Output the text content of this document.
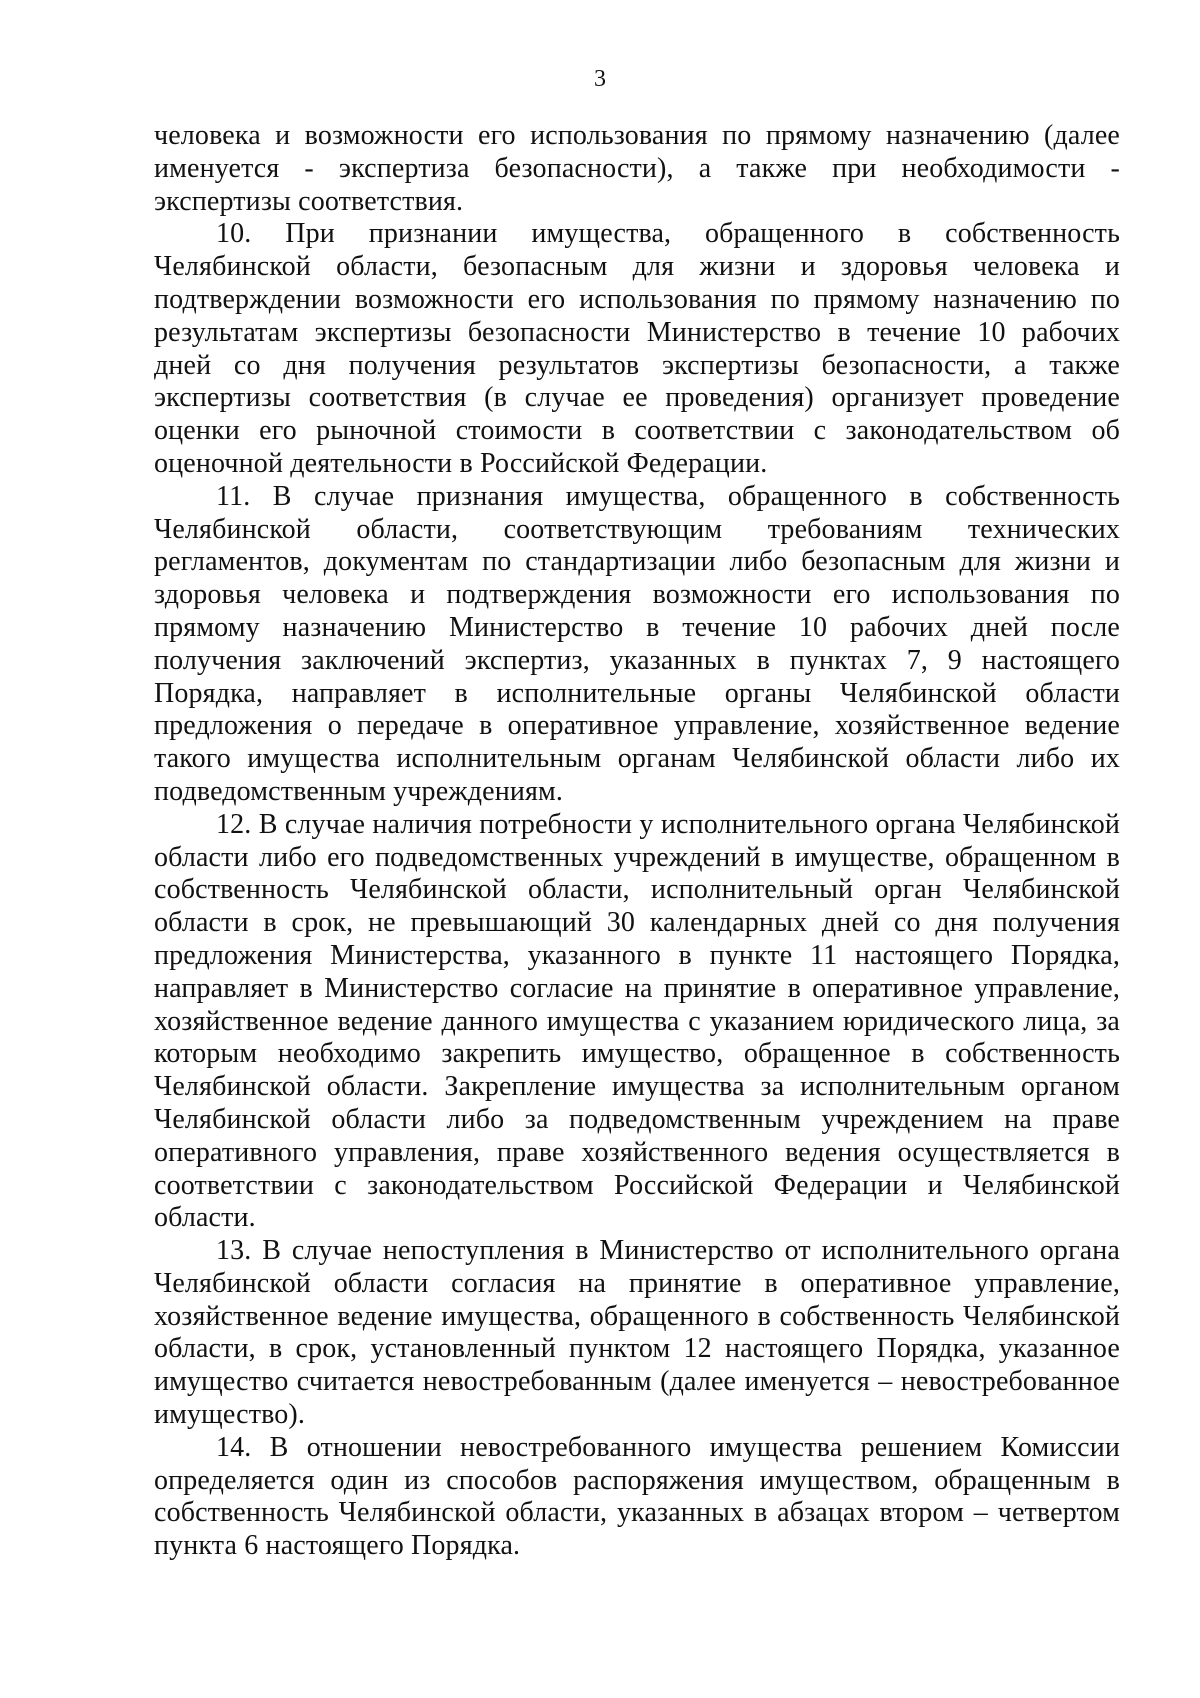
3

человека и возможности его использования по прямому назначению (далее именуется - экспертиза безопасности), а также при необходимости - экспертизы соответствия.

10. При признании имущества, обращенного в собственность Челябинской области, безопасным для жизни и здоровья человека и подтверждении возможности его использования по прямому назначению по результатам экспертизы безопасности Министерство в течение 10 рабочих дней со дня получения результатов экспертизы безопасности, а также экспертизы соответствия (в случае ее проведения) организует проведение оценки его рыночной стоимости в соответствии с законодательством об оценочной деятельности в Российской Федерации.

11. В случае признания имущества, обращенного в собственность Челябинской области, соответствующим требованиям технических регламентов, документам по стандартизации либо безопасным для жизни и здоровья человека и подтверждения возможности его использования по прямому назначению Министерство в течение 10 рабочих дней после получения заключений экспертиз, указанных в пунктах 7, 9 настоящего Порядка, направляет в исполнительные органы Челябинской области предложения о передаче в оперативное управление, хозяйственное ведение такого имущества исполнительным органам Челябинской области либо их подведомственным учреждениям.

12. В случае наличия потребности у исполнительного органа Челябинской области либо его подведомственных учреждений в имуществе, обращенном в собственность Челябинской области, исполнительный орган Челябинской области в срок, не превышающий 30 календарных дней со дня получения предложения Министерства, указанного в пункте 11 настоящего Порядка, направляет в Министерство согласие на принятие в оперативное управление, хозяйственное ведение данного имущества с указанием юридического лица, за которым необходимо закрепить имущество, обращенное в собственность Челябинской области. Закрепление имущества за исполнительным органом Челябинской области либо за подведомственным учреждением на праве оперативного управления, праве хозяйственного ведения осуществляется в соответствии с законодательством Российской Федерации и Челябинской области.

13. В случае непоступления в Министерство от исполнительного органа Челябинской области согласия на принятие в оперативное управление, хозяйственное ведение имущества, обращенного в собственность Челябинской области, в срок, установленный пунктом 12 настоящего Порядка, указанное имущество считается невостребованным (далее именуется – невостребованное имущество).

14. В отношении невостребованного имущества решением Комиссии определяется один из способов распоряжения имуществом, обращенным в собственность Челябинской области, указанных в абзацах втором – четвертом пункта 6 настоящего Порядка.
